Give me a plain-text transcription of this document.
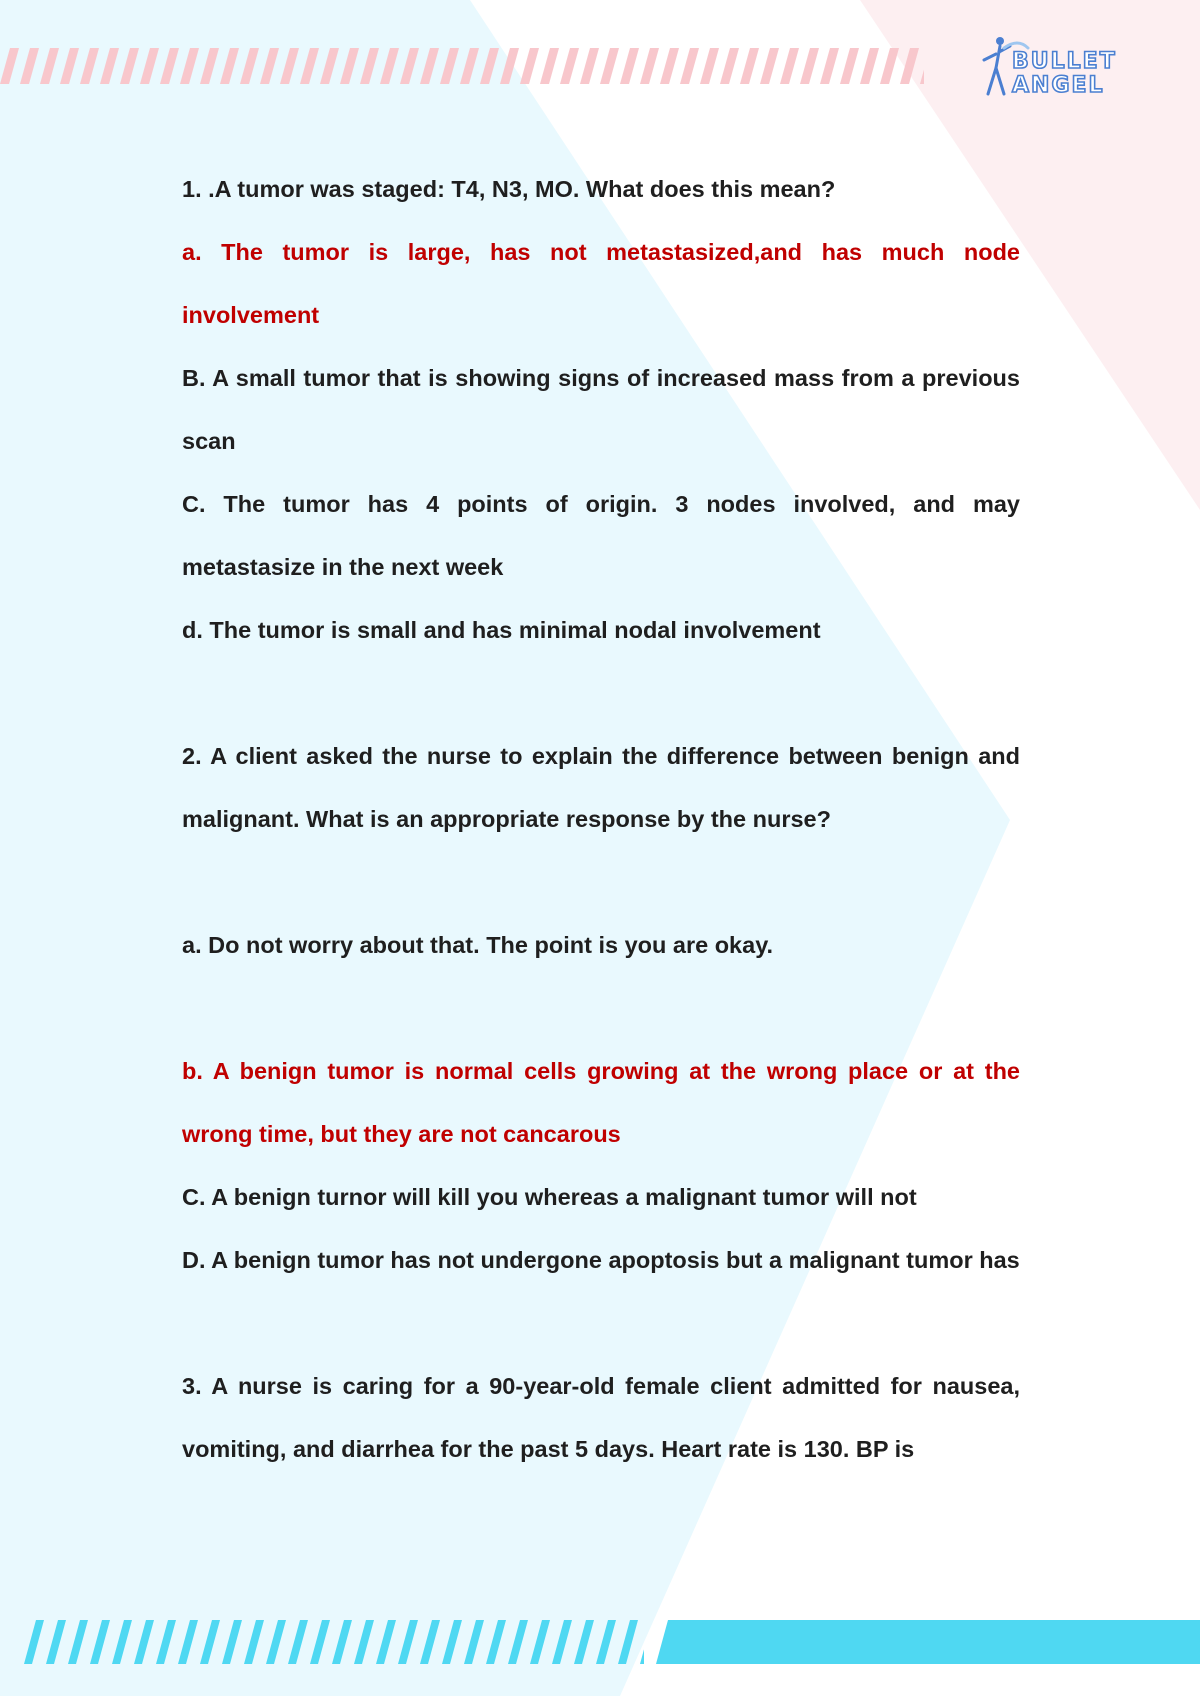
BULLET
ANGEL

1. .A tumor was staged: T4, N3, MO. What does this mean?

a. The tumor is large, has not metastasized,and has much node involvement

B. A small tumor that is showing signs of increased mass from a previous scan

C. The tumor has 4 points of origin. 3 nodes involved, and may metastasize in the next week

d. The tumor is small and has minimal nodal involvement

2. A client asked the nurse to explain the difference between benign and malignant. What is an appropriate response by the nurse?

a. Do not worry about that. The point is you are okay.

b. A benign tumor is normal cells growing at the wrong place or at the wrong time, but they are not cancarous

C. A benign turnor will kill you whereas a malignant tumor will not

D. A benign tumor has not undergone apoptosis but a malignant tumor has

3. A nurse is caring for a 90-year-old female client admitted for nausea, vomiting, and diarrhea for the past 5 days. Heart rate is 130. BP is
